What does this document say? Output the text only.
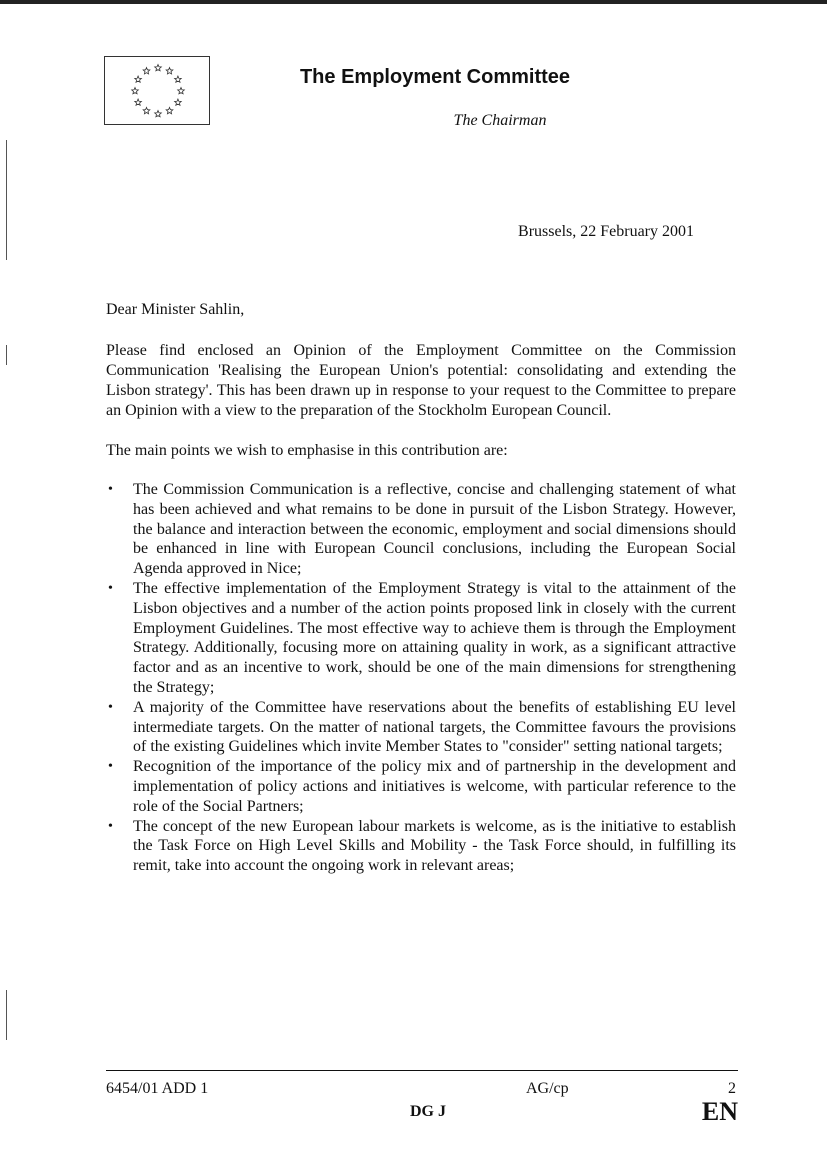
The Employment Committee
The Chairman
Brussels, 22 February 2001
Dear Minister Sahlin,
Please find enclosed an Opinion of the Employment Committee on the Commission Communication 'Realising the European Union's potential: consolidating and extending the Lisbon strategy'. This has been drawn up in response to your request to the Committee to prepare an Opinion with a view to the preparation of the Stockholm European Council.
The main points we wish to emphasise in this contribution are:
• The Commission Communication is a reflective, concise and challenging statement of what has been achieved and what remains to be done in pursuit of the Lisbon Strategy. However, the balance and interaction between the economic, employment and social dimensions should be enhanced in line with European Council conclusions, including the European Social Agenda approved in Nice;
• The effective implementation of the Employment Strategy is vital to the attainment of the Lisbon objectives and a number of the action points proposed link in closely with the current Employment Guidelines. The most effective way to achieve them is through the Employment Strategy. Additionally, focusing more on attaining quality in work, as a significant attractive factor and as an incentive to work, should be one of the main dimensions for strengthening the Strategy;
• A majority of the Committee have reservations about the benefits of establishing EU level intermediate targets. On the matter of national targets, the Committee favours the provisions of the existing Guidelines which invite Member States to "consider" setting national targets;
• Recognition of the importance of the policy mix and of partnership in the development and implementation of policy actions and initiatives is welcome, with particular reference to the role of the Social Partners;
• The concept of the new European labour markets is welcome, as is the initiative to establish the Task Force on High Level Skills and Mobility - the Task Force should, in fulfilling its remit, take into account the ongoing work in relevant areas;
6454/01 ADD 1	AG/cp	2
DG J	EN
